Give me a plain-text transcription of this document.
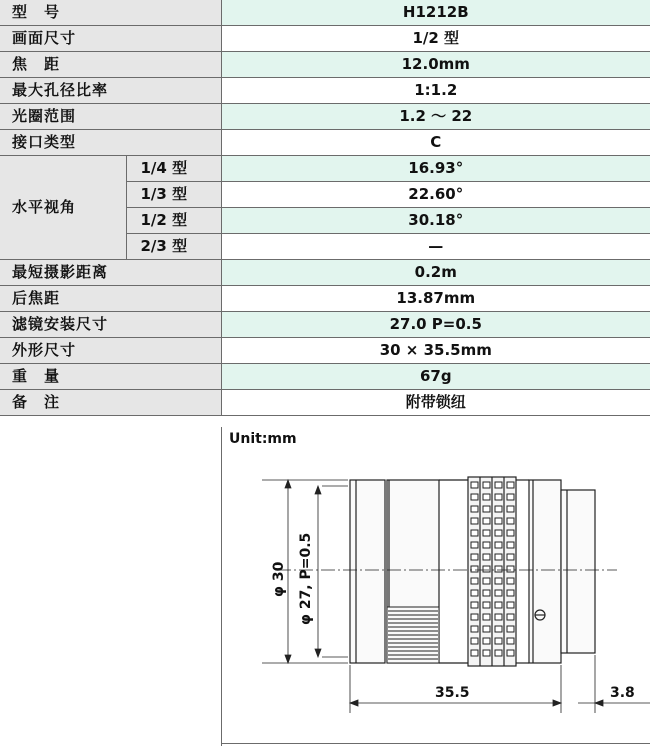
型　号		H1212B
画面尺寸		1/2 型
焦　距		12.0mm
最大孔径比率		1:1.2
光圈范围		1.2 ～ 22
接口类型		C
水平视角	1/4 型	16.93°
	1/3 型	22.60°
	1/2 型	30.18°
	2/3 型	—
最短摄影距离		0.2m
后焦距		13.87mm
滤镜安装尺寸		27.0 P=0.5
外形尺寸		30 × 35.5mm
重　量		67g
备　注		附带锁纽
Unit:mm
φ 30 φ 27, P=0.5
35.5	3.8
